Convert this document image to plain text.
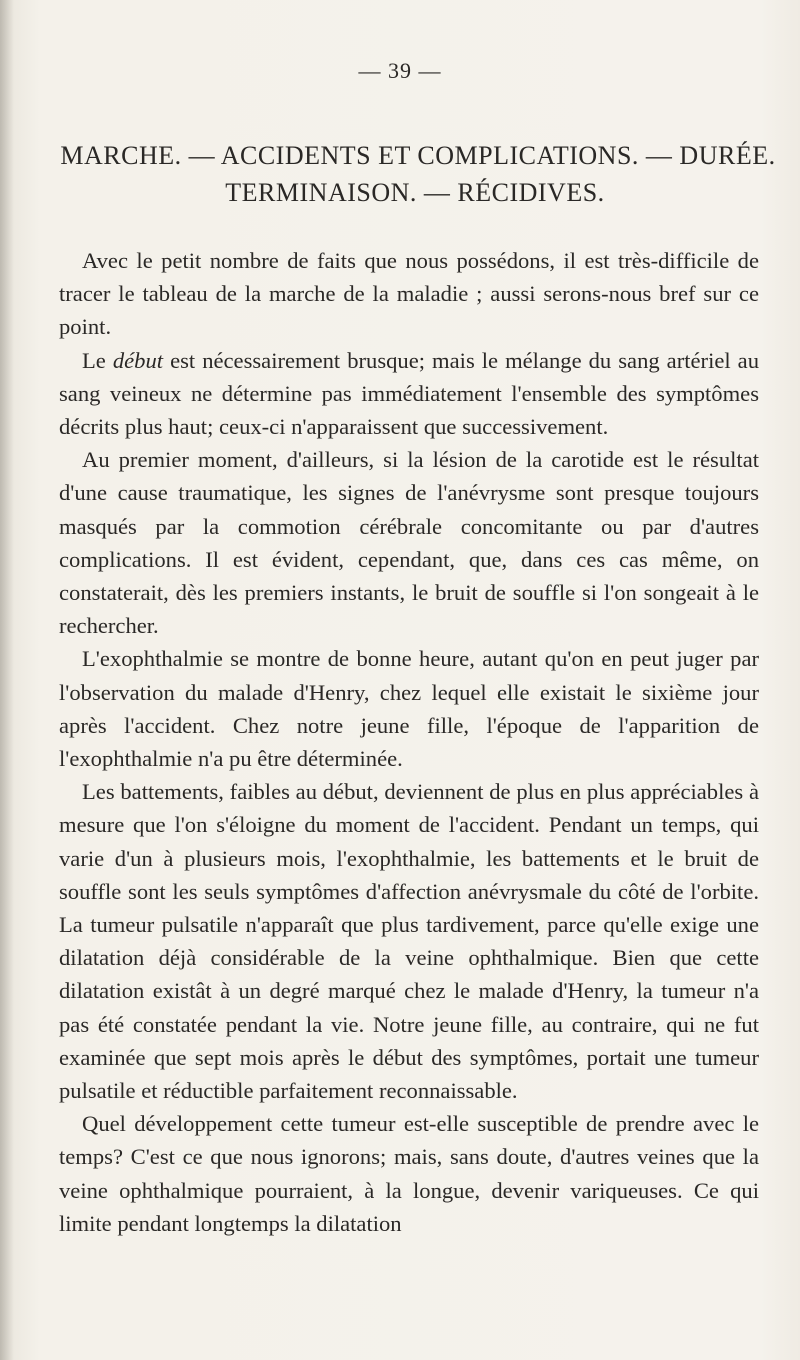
— 39 —
MARCHE. — ACCIDENTS ET COMPLICATIONS. — DURÉE.
TERMINAISON. — RÉCIDIVES.

Avec le petit nombre de faits que nous possédons, il est très-difficile de tracer le tableau de la marche de la maladie ; aussi serons-nous bref sur ce point.

Le début est nécessairement brusque; mais le mélange du sang artériel au sang veineux ne détermine pas immédiatement l'ensemble des symptômes décrits plus haut; ceux-ci n'apparaissent que successivement.

Au premier moment, d'ailleurs, si la lésion de la carotide est le résultat d'une cause traumatique, les signes de l'anévrysme sont presque toujours masqués par la commotion cérébrale concomitante ou par d'autres complications. Il est évident, cependant, que, dans ces cas même, on constaterait, dès les premiers instants, le bruit de souffle si l'on songeait à le rechercher.

L'exophthalmie se montre de bonne heure, autant qu'on en peut juger par l'observation du malade d'Henry, chez lequel elle existait le sixième jour après l'accident. Chez notre jeune fille, l'époque de l'apparition de l'exophthalmie n'a pu être déterminée.

Les battements, faibles au début, deviennent de plus en plus appréciables à mesure que l'on s'éloigne du moment de l'accident. Pendant un temps, qui varie d'un à plusieurs mois, l'exophthalmie, les battements et le bruit de souffle sont les seuls symptômes d'affection anévrysmale du côté de l'orbite. La tumeur pulsatile n'apparaît que plus tardivement, parce qu'elle exige une dilatation déjà considérable de la veine ophthalmique. Bien que cette dilatation existât à un degré marqué chez le malade d'Henry, la tumeur n'a pas été constatée pendant la vie. Notre jeune fille, au contraire, qui ne fut examinée que sept mois après le début des symptômes, portait une tumeur pulsatile et réductible parfaitement reconnaissable.

Quel développement cette tumeur est-elle susceptible de prendre avec le temps? C'est ce que nous ignorons; mais, sans doute, d'autres veines que la veine ophthalmique pourraient, à la longue, devenir variqueuses. Ce qui limite pendant longtemps la dilatation
